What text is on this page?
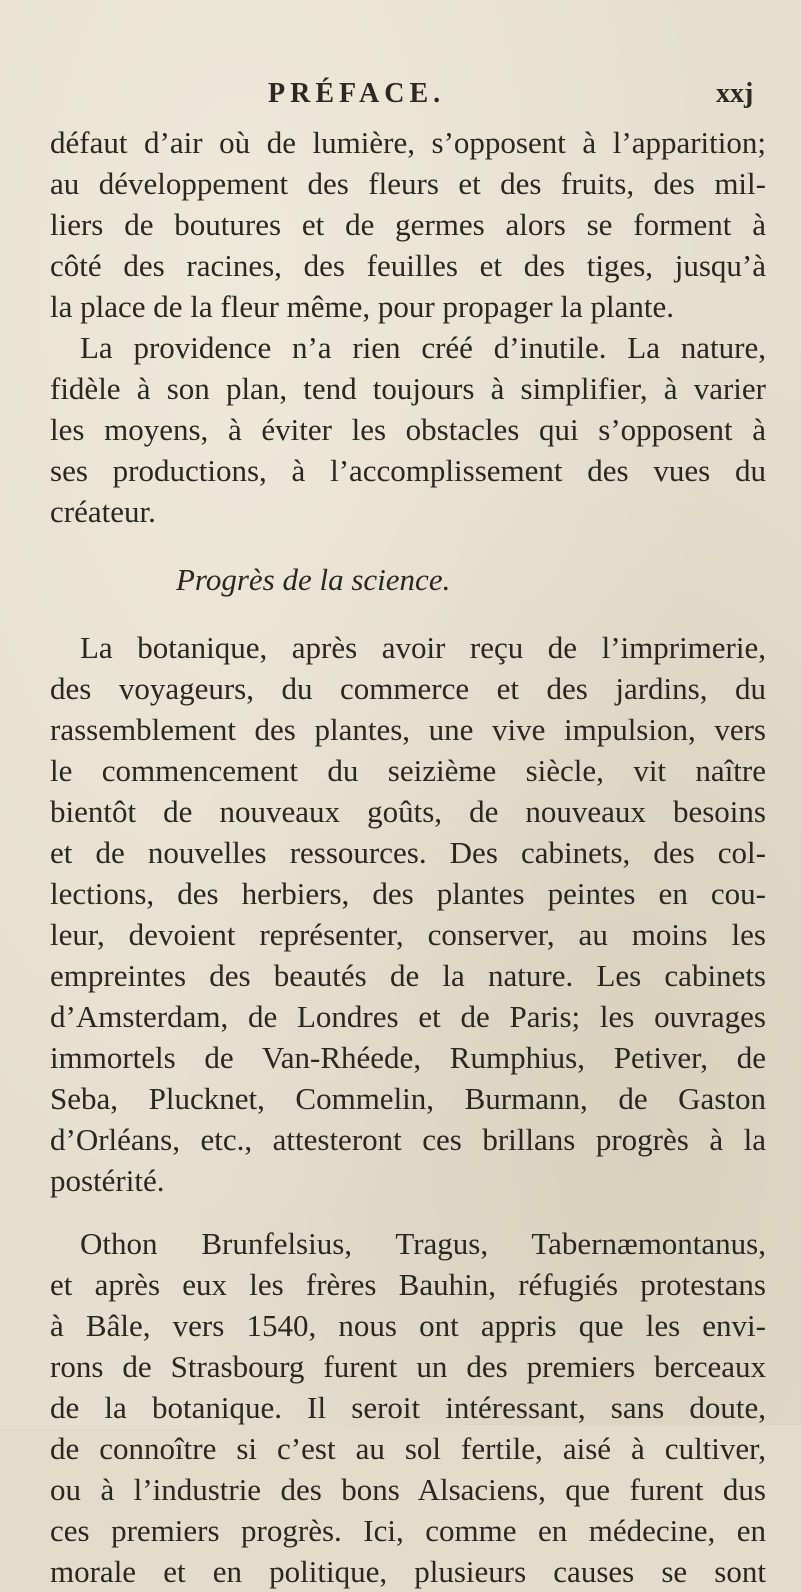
PRÉFACE.	xxj
défaut d’air où de lumière, s’opposent à l’apparition;
au développement des fleurs et des fruits, des mil-
liers de boutures et de germes alors se forment à
côté des racines, des feuilles et des tiges, jusqu’à
la place de la fleur même, pour propager la plante.
La providence n’a rien créé d’inutile. La nature,
fidèle à son plan, tend toujours à simplifier, à varier
les moyens, à éviter les obstacles qui s’opposent à
ses productions, à l’accomplissement des vues du
créateur.
Progrès de la science.
La botanique, après avoir reçu de l’imprimerie,
des voyageurs, du commerce et des jardins, du
rassemblement des plantes, une vive impulsion, vers
le commencement du seizième siècle, vit naître
bientôt de nouveaux goûts, de nouveaux besoins
et de nouvelles ressources. Des cabinets, des col-
lections, des herbiers, des plantes peintes en cou-
leur, devoient représenter, conserver, au moins les
empreintes des beautés de la nature. Les cabinets
d’Amsterdam, de Londres et de Paris; les ouvrages
immortels de Van-Rhéede, Rumphius, Petiver, de
Seba, Plucknet, Commelin, Burmann, de Gaston
d’Orléans, etc., attesteront ces brillans progrès à la
postérité.
Othon Brunfelsius, Tragus, Tabernæmontanus,
et après eux les frères Bauhin, réfugiés protestans
à Bâle, vers 1540, nous ont appris que les envi-
rons de Strasbourg furent un des premiers berceaux
de la botanique. Il seroit intéressant, sans doute,
de connoître si c’est au sol fertile, aisé à cultiver,
ou à l’industrie des bons Alsaciens, que furent dus
ces premiers progrès. Ici, comme en médecine, en
morale et en politique, plusieurs causes se sont
